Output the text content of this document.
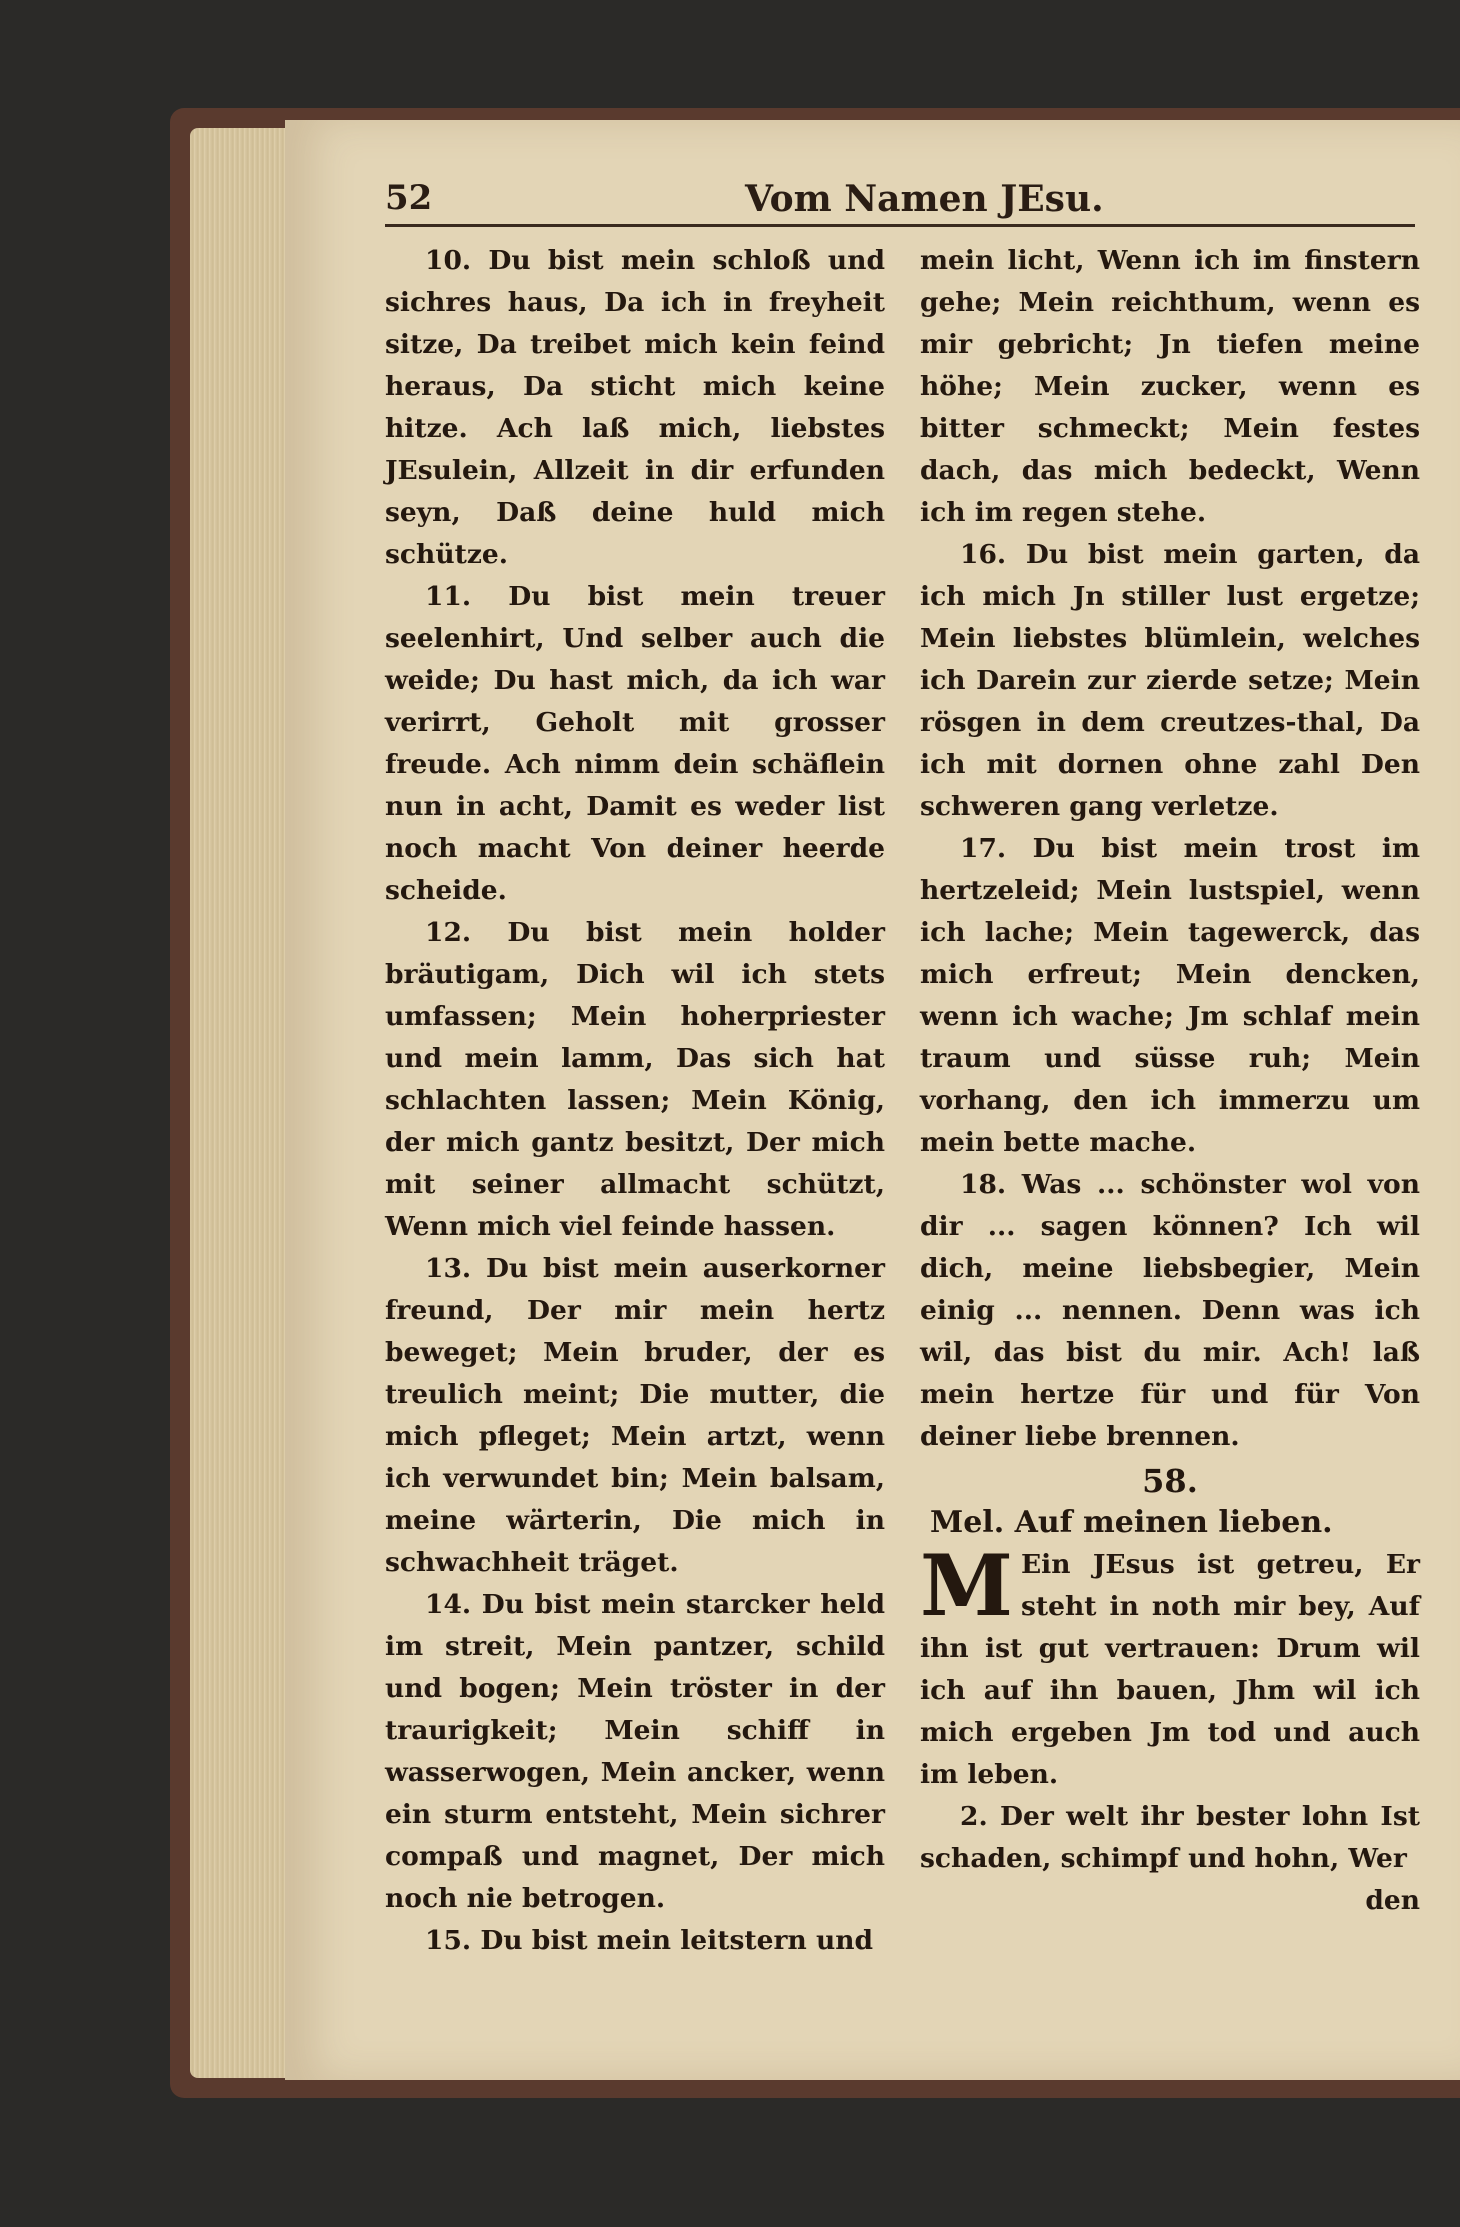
52	Vom Namen JEsu.

10. Du bist mein schloß und sichres haus, Da ich in freyheit sitze, Da treibet mich kein feind heraus, Da sticht mich keine hitze. Ach laß mich, liebstes JEsulein, Allzeit in dir erfunden seyn, Daß deine huld mich schütze.

11. Du bist mein treuer seelenhirt, Und selber auch die weide; Du hast mich, da ich war verirrt, Geholt mit grosser freude. Ach nimm dein schäflein nun in acht, Damit es weder list noch macht Von deiner heerde scheide.

12. Du bist mein holder bräutigam, Dich wil ich stets umfassen; Mein hoherpriester und mein lamm, Das sich hat schlachten lassen; Mein König, der mich gantz besitzt, Der mich mit seiner allmacht schützt, Wenn mich viel feinde hassen.

13. Du bist mein auserkorner freund, Der mir mein hertz beweget; Mein bruder, der es treulich meint; Die mutter, die mich pfleget; Mein artzt, wenn ich verwundet bin; Mein balsam, meine wärterin, Die mich in schwachheit träget.

14. Du bist mein starcker held im streit, Mein pantzer, schild und bogen; Mein tröster in der traurigkeit; Mein schiff in wasserwogen, Mein ancker, wenn ein sturm entsteht, Mein sichrer compaß und magnet, Der mich noch nie betrogen.

15. Du bist mein leitstern und

mein licht, Wenn ich im finstern gehe; Mein reichthum, wenn es mir gebricht; Jn tiefen meine höhe; Mein zucker, wenn es bitter schmeckt; Mein festes dach, das mich bedeckt, Wenn ich im regen stehe.

16. Du bist mein garten, da ich mich Jn stiller lust ergetze; Mein liebstes blümlein, welches ich Darein zur zierde setze; Mein rösgen in dem creutzes-thal, Da ich mit dornen ohne zahl Den schweren gang verletze.

17. Du bist mein trost im hertzeleid; Mein lustspiel, wenn ich lache; Mein tagewerck, das mich erfreut; Mein dencken, wenn ich wache; Jm schlaf mein traum und süsse ruh; Mein vorhang, den ich immerzu um mein bette mache.

18. Was ... schönster wol von dir ... sagen können? Ich wil dich, meine liebsbegier, Mein einig ... nennen. Denn was ich wil, das bist du mir. Ach! laß mein hertze für und für Von deiner liebe brennen.

58.

Mel. Auf meinen lieben.

M Ein JEsus ist getreu, Er steht in noth mir bey, Auf ihn ist gut vertrauen: Drum wil ich auf ihn bauen, Jhm wil ich mich ergeben Jm tod und auch im leben.

2. Der welt ihr bester lohn Ist schaden, schimpf und hohn, Wer

den
